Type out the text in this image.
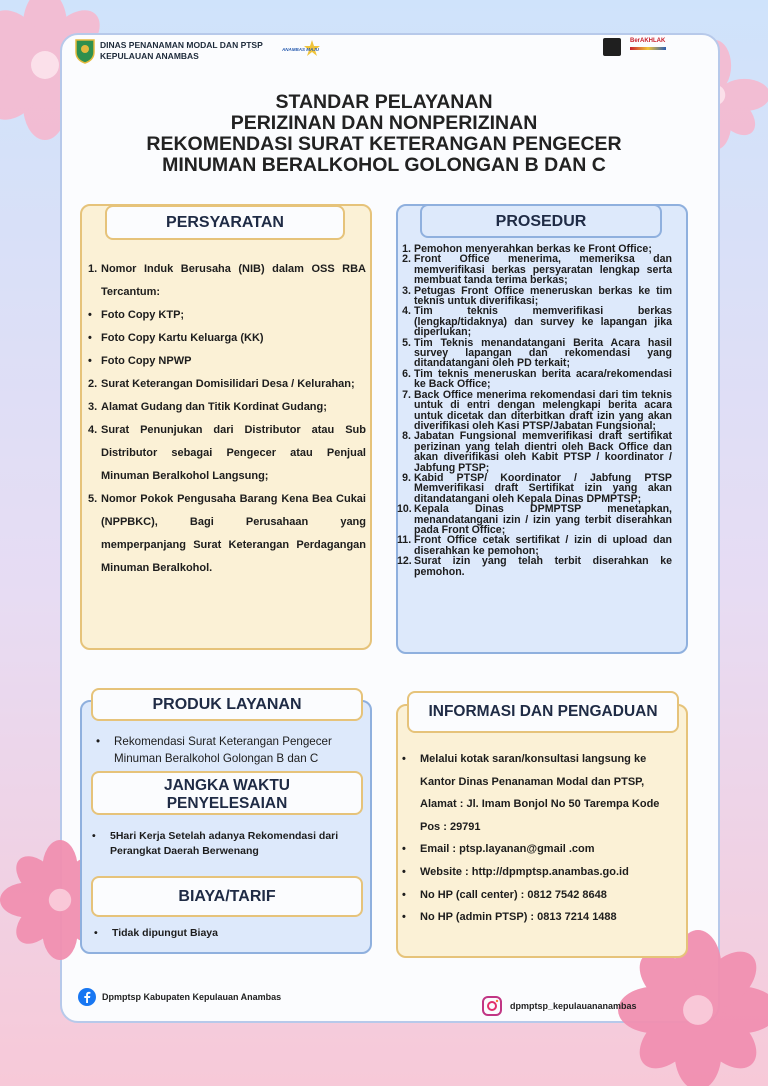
DINAS PENANAMAN MODAL DAN PTSP
KEPULAUAN ANAMBAS
ANAMBAS MAJU
BerAKHLAK
STANDAR PELAYANAN
PERIZINAN DAN NONPERIZINAN
REKOMENDASI SURAT KETERANGAN PENGECER
MINUMAN BERALKOHOL GOLONGAN B DAN C
PERSYARATAN
1. Nomor Induk Berusaha (NIB) dalam OSS RBA Tercantum:
• Foto Copy KTP;
• Foto Copy Kartu Keluarga (KK)
• Foto Copy NPWP
2. Surat Keterangan Domisilidari Desa / Kelurahan;
3. Alamat Gudang dan Titik Kordinat Gudang;
4. Surat Penunjukan dari Distributor atau Sub Distributor sebagai Pengecer atau Penjual Minuman Beralkohol Langsung;
5. Nomor Pokok Pengusaha Barang Kena Bea Cukai (NPPBKC), Bagi Perusahaan yang memperpanjang Surat Keterangan Perdagangan Minuman Beralkohol.
PROSEDUR
1. Pemohon menyerahkan berkas ke Front Office;
2. Front Office menerima, memeriksa dan memverifikasi berkas persyaratan lengkap serta membuat tanda terima berkas;
3. Petugas Front Office meneruskan berkas ke tim teknis untuk diverifikasi;
4. Tim teknis memverifikasi berkas (lengkap/tidaknya) dan survey ke lapangan jika diperlukan;
5. Tim Teknis menandatangani Berita Acara hasil survey lapangan dan rekomendasi yang ditandatangani oleh PD terkait;
6. Tim teknis meneruskan berita acara/rekomendasi ke Back Office;
7. Back Office menerima rekomendasi dari tim teknis untuk di entri dengan melengkapi berita acara untuk dicetak dan diterbitkan draft izin yang akan diverifikasi oleh Kasi PTSP/Jabatan Fungsional;
8. Jabatan Fungsional memverifikasi draft sertifikat perizinan yang telah dientri oleh Back Office dan akan diverifikasi oleh Kabit PTSP / koordinator / Jabfung PTSP;
9. Kabid PTSP/ Koordinator / Jabfung PTSP Memverifikasi draft Sertifikat izin yang akan ditandatangani oleh Kepala Dinas DPMPTSP;
10. Kepala Dinas DPMPTSP menetapkan, menandatangani izin / izin yang terbit diserahkan pada Front Office;
11. Front Office cetak sertifikat / izin di upload dan diserahkan ke pemohon;
12. Surat izin yang telah terbit diserahkan ke pemohon.
PRODUK LAYANAN
•	Rekomendasi Surat Keterangan Pengecer Minuman Beralkohol Golongan B dan C
JANGKA WAKTU
PENYELESAIAN
•	5Hari Kerja Setelah adanya Rekomendasi dari Perangkat Daerah Berwenang
BIAYA/TARIF
•	Tidak dipungut Biaya
INFORMASI DAN PENGADUAN
•	Melalui kotak saran/konsultasi langsung ke Kantor Dinas Penanaman Modal dan PTSP, Alamat : Jl. Imam Bonjol No 50 Tarempa Kode Pos : 29791
•	Email : ptsp.layanan@gmail .com
•	Website : http://dpmptsp.anambas.go.id
•	No HP (call center) : 0812 7542 8648
•	No HP (admin PTSP) : 0813 7214 1488
Dpmptsp Kabupaten Kepulauan Anambas
dpmptsp_kepulauananambas
